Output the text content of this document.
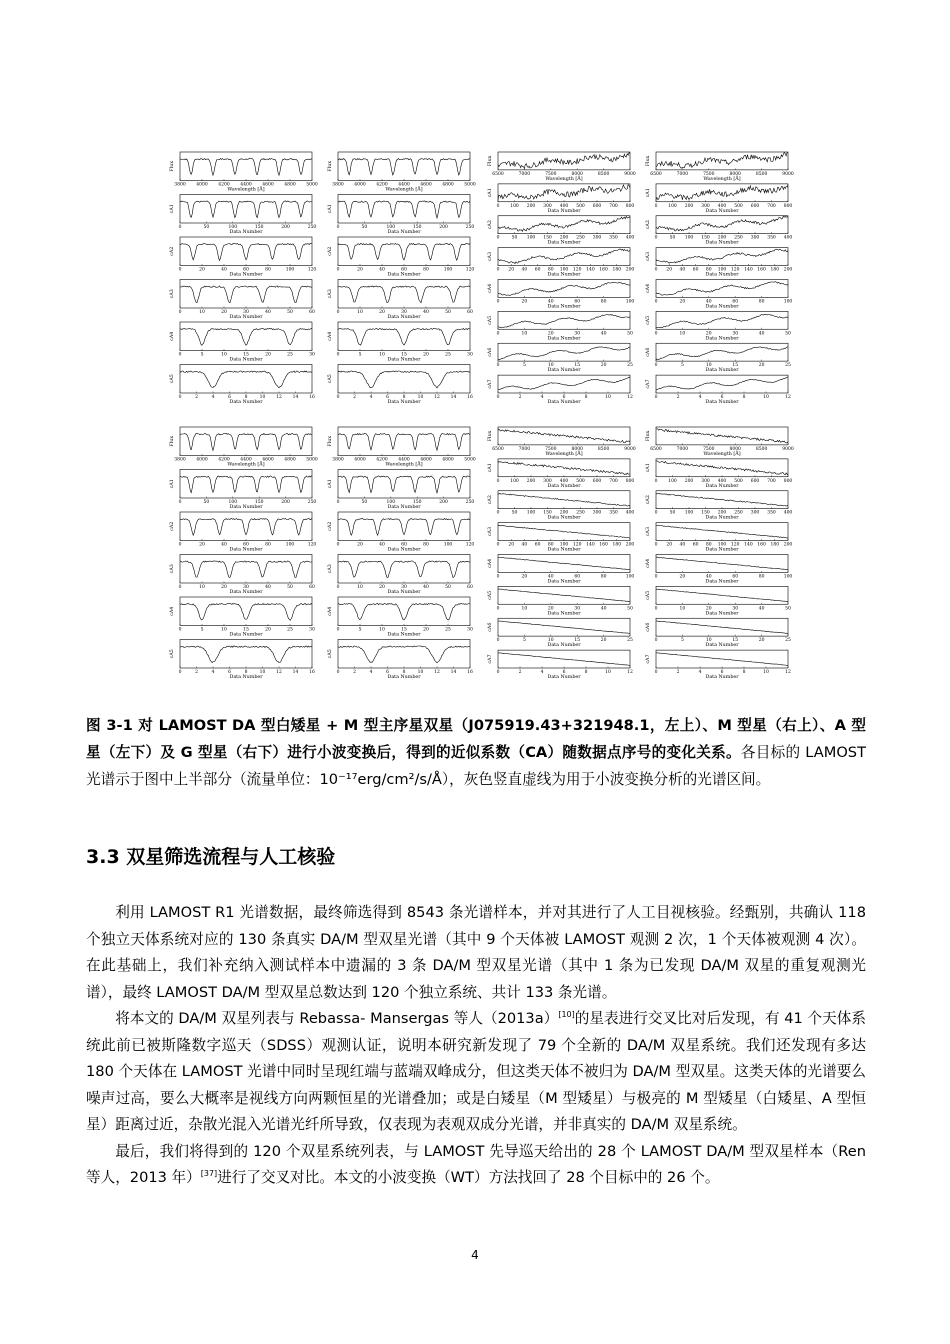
3800 4000 4200 4400 4600 4800 5000
Flux
Wavelength [Å]
0	50	100	150	200	250
cA1
Data Number
0	20	40	60	80	100	120
cA2
Data Number
0	10	20	30	40	50	60
cA3
Data Number
0	5	10	15	20	25	30
cA4
Data Number
0	2	4	6	8	10 12 14 16
cA5
Data Number
3800 4000 4200 4400 4600 4800 5000
Flux
Wavelength [Å]
0	50	100	150	200	250
cA1
Data Number
0	20	40	60	80	100	120
cA2
Data Number
0	10	20	30	40	50	60
cA3
Data Number
0	5	10	15	20	25	30
cA4
Data Number
0	2	4	6	8	10 12 14 16
cA5
Data Number
6500	7000	7500	8000	8500	9000
Flux
Wavelength [Å]
0 100 200 300 400 500 600 700 800
cA1
Data Number
0	50 100 150 200 250 300 350 400
cA2
Data Number
0 20 40 60 80 100 120 140 160 180 200
cA3
Data Number
0	20	40	60	80	100
cA4
Data Number
0	10	20	30	40	50
cA5
Data Number
0	5	10	15	20	25
cA6
Data Number
0	2	4	6	8	10	12
cA7
Data Number
6500	7000	7500	8000	8500	9000
Flux
Wavelength [Å]
0 100 200 300 400 500 600 700 800
cA1
Data Number
0	50 100 150 200 250 300 350 400
cA2
Data Number
0 20 40 60 80 100 120 140 160 180 200
cA3
Data Number
0	20	40	60	80	100
cA4
Data Number
0	10	20	30	40	50
cA5
Data Number
0	5	10	15	20	25
cA6
Data Number
0	2	4	6	8	10	12
cA7
Data Number
3800 4000 4200 4400 4600 4800 5000
Flux
Wavelength [Å]
0	50	100	150	200	250
cA1
Data Number
0	20	40	60	80	100	120
cA2
Data Number
0	10	20	30	40	50	60
cA3
Data Number
0	5	10	15	20	25	30
cA4
Data Number
0	2	4	6	8	10 12 14 16
cA5
Data Number
3800 4000 4200 4400 4600 4800 5000
Flux
Wavelength [Å]
0	50	100	150	200	250
cA1
Data Number
0	20	40	60	80	100	120
cA2
Data Number
0	10	20	30	40	50	60
cA3
Data Number
0	5	10	15	20	25	30
cA4
Data Number
0	2	4	6	8	10 12 14 16
cA5
Data Number
6500	7000	7500	8000	8500	9000
Flux
Wavelength [Å]
0 100 200 300 400 500 600 700 800
cA1
Data Number
0	50 100 150 200 250 300 350 400
cA2
Data Number
0 20 40 60 80 100 120 140 160 180 200
cA3
Data Number
0	20	40	60	80	100
cA4
Data Number
0	10	20	30	40	50
cA5
Data Number
0	5	10	15	20	25
cA6
Data Number
0	2	4	6	8	10	12
cA7
Data Number
6500	7000	7500	8000	8500	9000
Flux
Wavelength [Å]
0 100 200 300 400 500 600 700 800
cA1
Data Number
0	50 100 150 200 250 300 350 400
cA2
Data Number
0 20 40 60 80 100 120 140 160 180 200
cA3
Data Number
0	20	40	60	80	100
cA4
Data Number
0	10	20	30	40	50
cA5
Data Number
0	5	10	15	20	25
cA6
Data Number
0	2	4	6	8	10	12
cA7
Data Number
图 3-1 对 LAMOST DA 型白矮星 + M 型主序星双星（J075919.43+321948.1，左上）、M 型星（右上）、A 型星（左下）及 G 型星（右下）进行小波变换后，得到的近似系数（CA）随数据点序号的变化关系。各目标的 LAMOST 光谱示于图中上半部分（流量单位：10⁻¹⁷erg/cm²/s/Å），灰色竖直虚线为用于小波变换分析的光谱区间。
3.3 双星筛选流程与人工核验

利用 LAMOST R1 光谱数据，最终筛选得到 8543 条光谱样本，并对其进行了人工目视核验。经甄别，共确认 118 个独立天体系统对应的 130 条真实 DA/M 型双星光谱（其中 9 个天体被 LAMOST 观测 2 次，1 个天体被观测 4 次）。在此基础上，我们补充纳入测试样本中遗漏的 3 条 DA/M 型双星光谱（其中 1 条为已发现 DA/M 双星的重复观测光谱），最终 LAMOST DA/M 型双星总数达到 120 个独立系统、共计 133 条光谱。

将本文的 DA/M 双星列表与 Rebassa- Mansergas 等人（2013a）[10]的星表进行交叉比对后发现，有 41 个天体系统此前已被斯隆数字巡天（SDSS）观测认证，说明本研究新发现了 79 个全新的 DA/M 双星系统。我们还发现有多达 180 个天体在 LAMOST 光谱中同时呈现红端与蓝端双峰成分，但这类天体不被归为 DA/M 型双星。这类天体的光谱要么噪声过高，要么大概率是视线方向两颗恒星的光谱叠加；或是白矮星（M 型矮星）与极亮的 M 型矮星（白矮星、A 型恒星）距离过近，杂散光混入光谱光纤所导致，仅表现为表观双成分光谱，并非真实的 DA/M 双星系统。

最后，我们将得到的 120 个双星系统列表，与 LAMOST 先导巡天给出的 28 个 LAMOST DA/M 型双星样本（Ren 等人，2013 年）[37]进行了交叉对比。本文的小波变换（WT）方法找回了 28 个目标中的 26 个。

4
